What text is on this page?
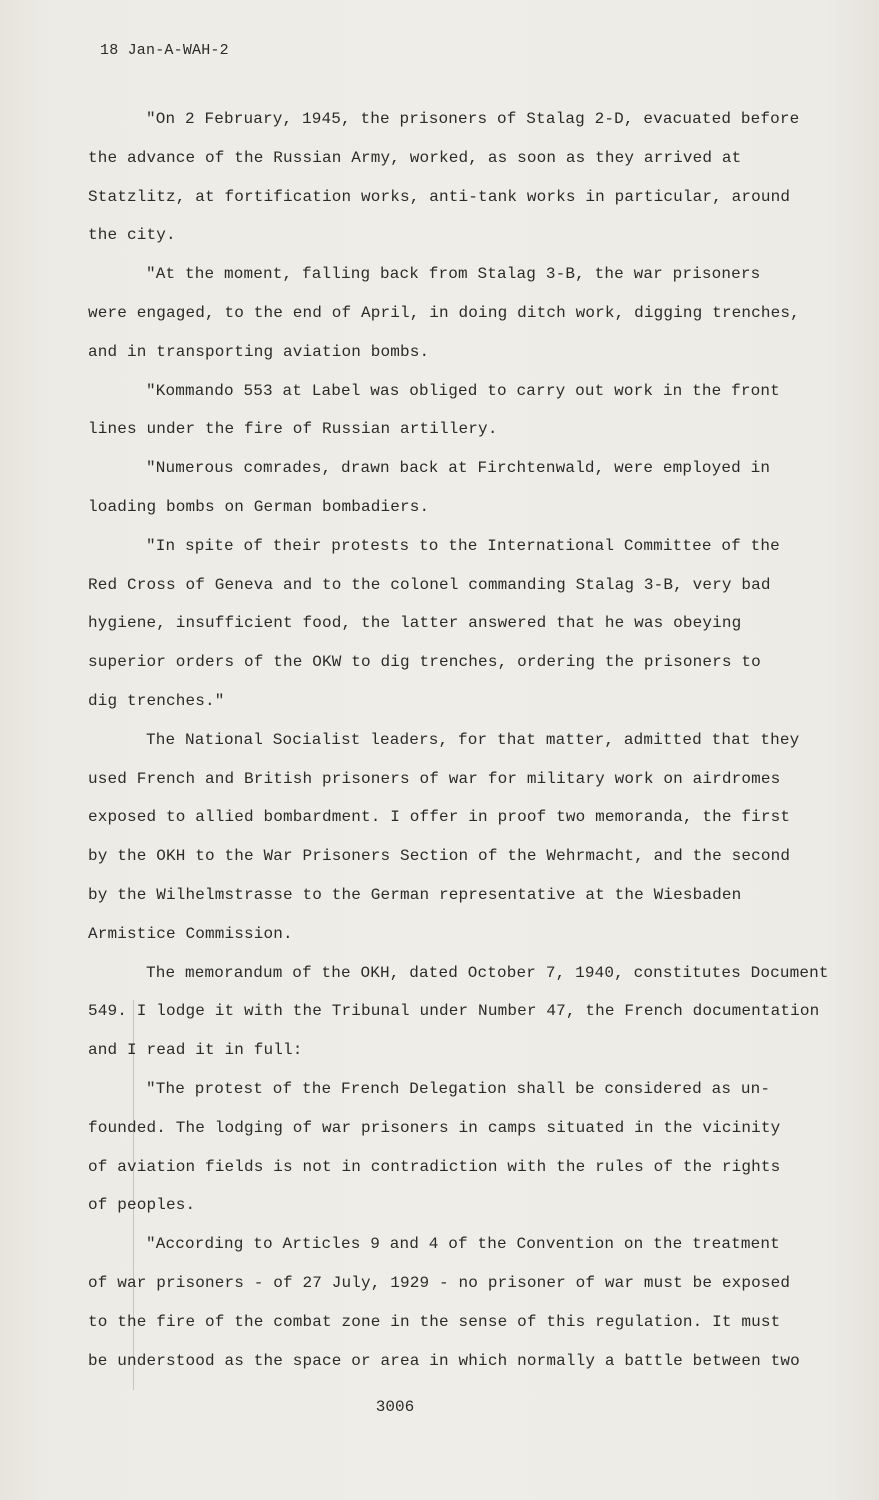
18 Jan-A-WAH-2
"On 2 February, 1945, the prisoners of Stalag 2-D, evacuated before
the advance of the Russian Army, worked, as soon as they arrived at
Statzlitz, at fortification works, anti-tank works in particular, around
the city.
"At the moment, falling back from Stalag 3-B, the war prisoners
were engaged, to the end of April, in doing ditch work, digging trenches,
and in transporting aviation bombs.
"Kommando 553 at Label was obliged to carry out work in the front
lines under the fire of Russian artillery.
"Numerous comrades, drawn back at Firchtenwald, were employed in
loading bombs on German bombadiers.
"In spite of their protests to the International Committee of the
Red Cross of Geneva and to the colonel commanding Stalag 3-B, very bad
hygiene, insufficient food, the latter answered that he was obeying
superior orders of the OKW to dig trenches, ordering the prisoners to
dig trenches."
The National Socialist leaders, for that matter, admitted that they
used French and British prisoners of war for military work on airdromes
exposed to allied bombardment. I offer in proof two memoranda, the first
by the OKH to the War Prisoners Section of the Wehrmacht, and the second
by the Wilhelmstrasse to the German representative at the Wiesbaden
Armistice Commission.
The memorandum of the OKH, dated October 7, 1940, constitutes Document
549. I lodge it with the Tribunal under Number 47, the French documentation
and I read it in full:
"The protest of the French Delegation shall be considered as un-
founded. The lodging of war prisoners in camps situated in the vicinity
of aviation fields is not in contradiction with the rules of the rights
of peoples.
"According to Articles 9 and 4 of the Convention on the treatment
of war prisoners - of 27 July, 1929 - no prisoner of war must be exposed
to the fire of the combat zone in the sense of this regulation. It must
be understood as the space or area in which normally a battle between two
3006
